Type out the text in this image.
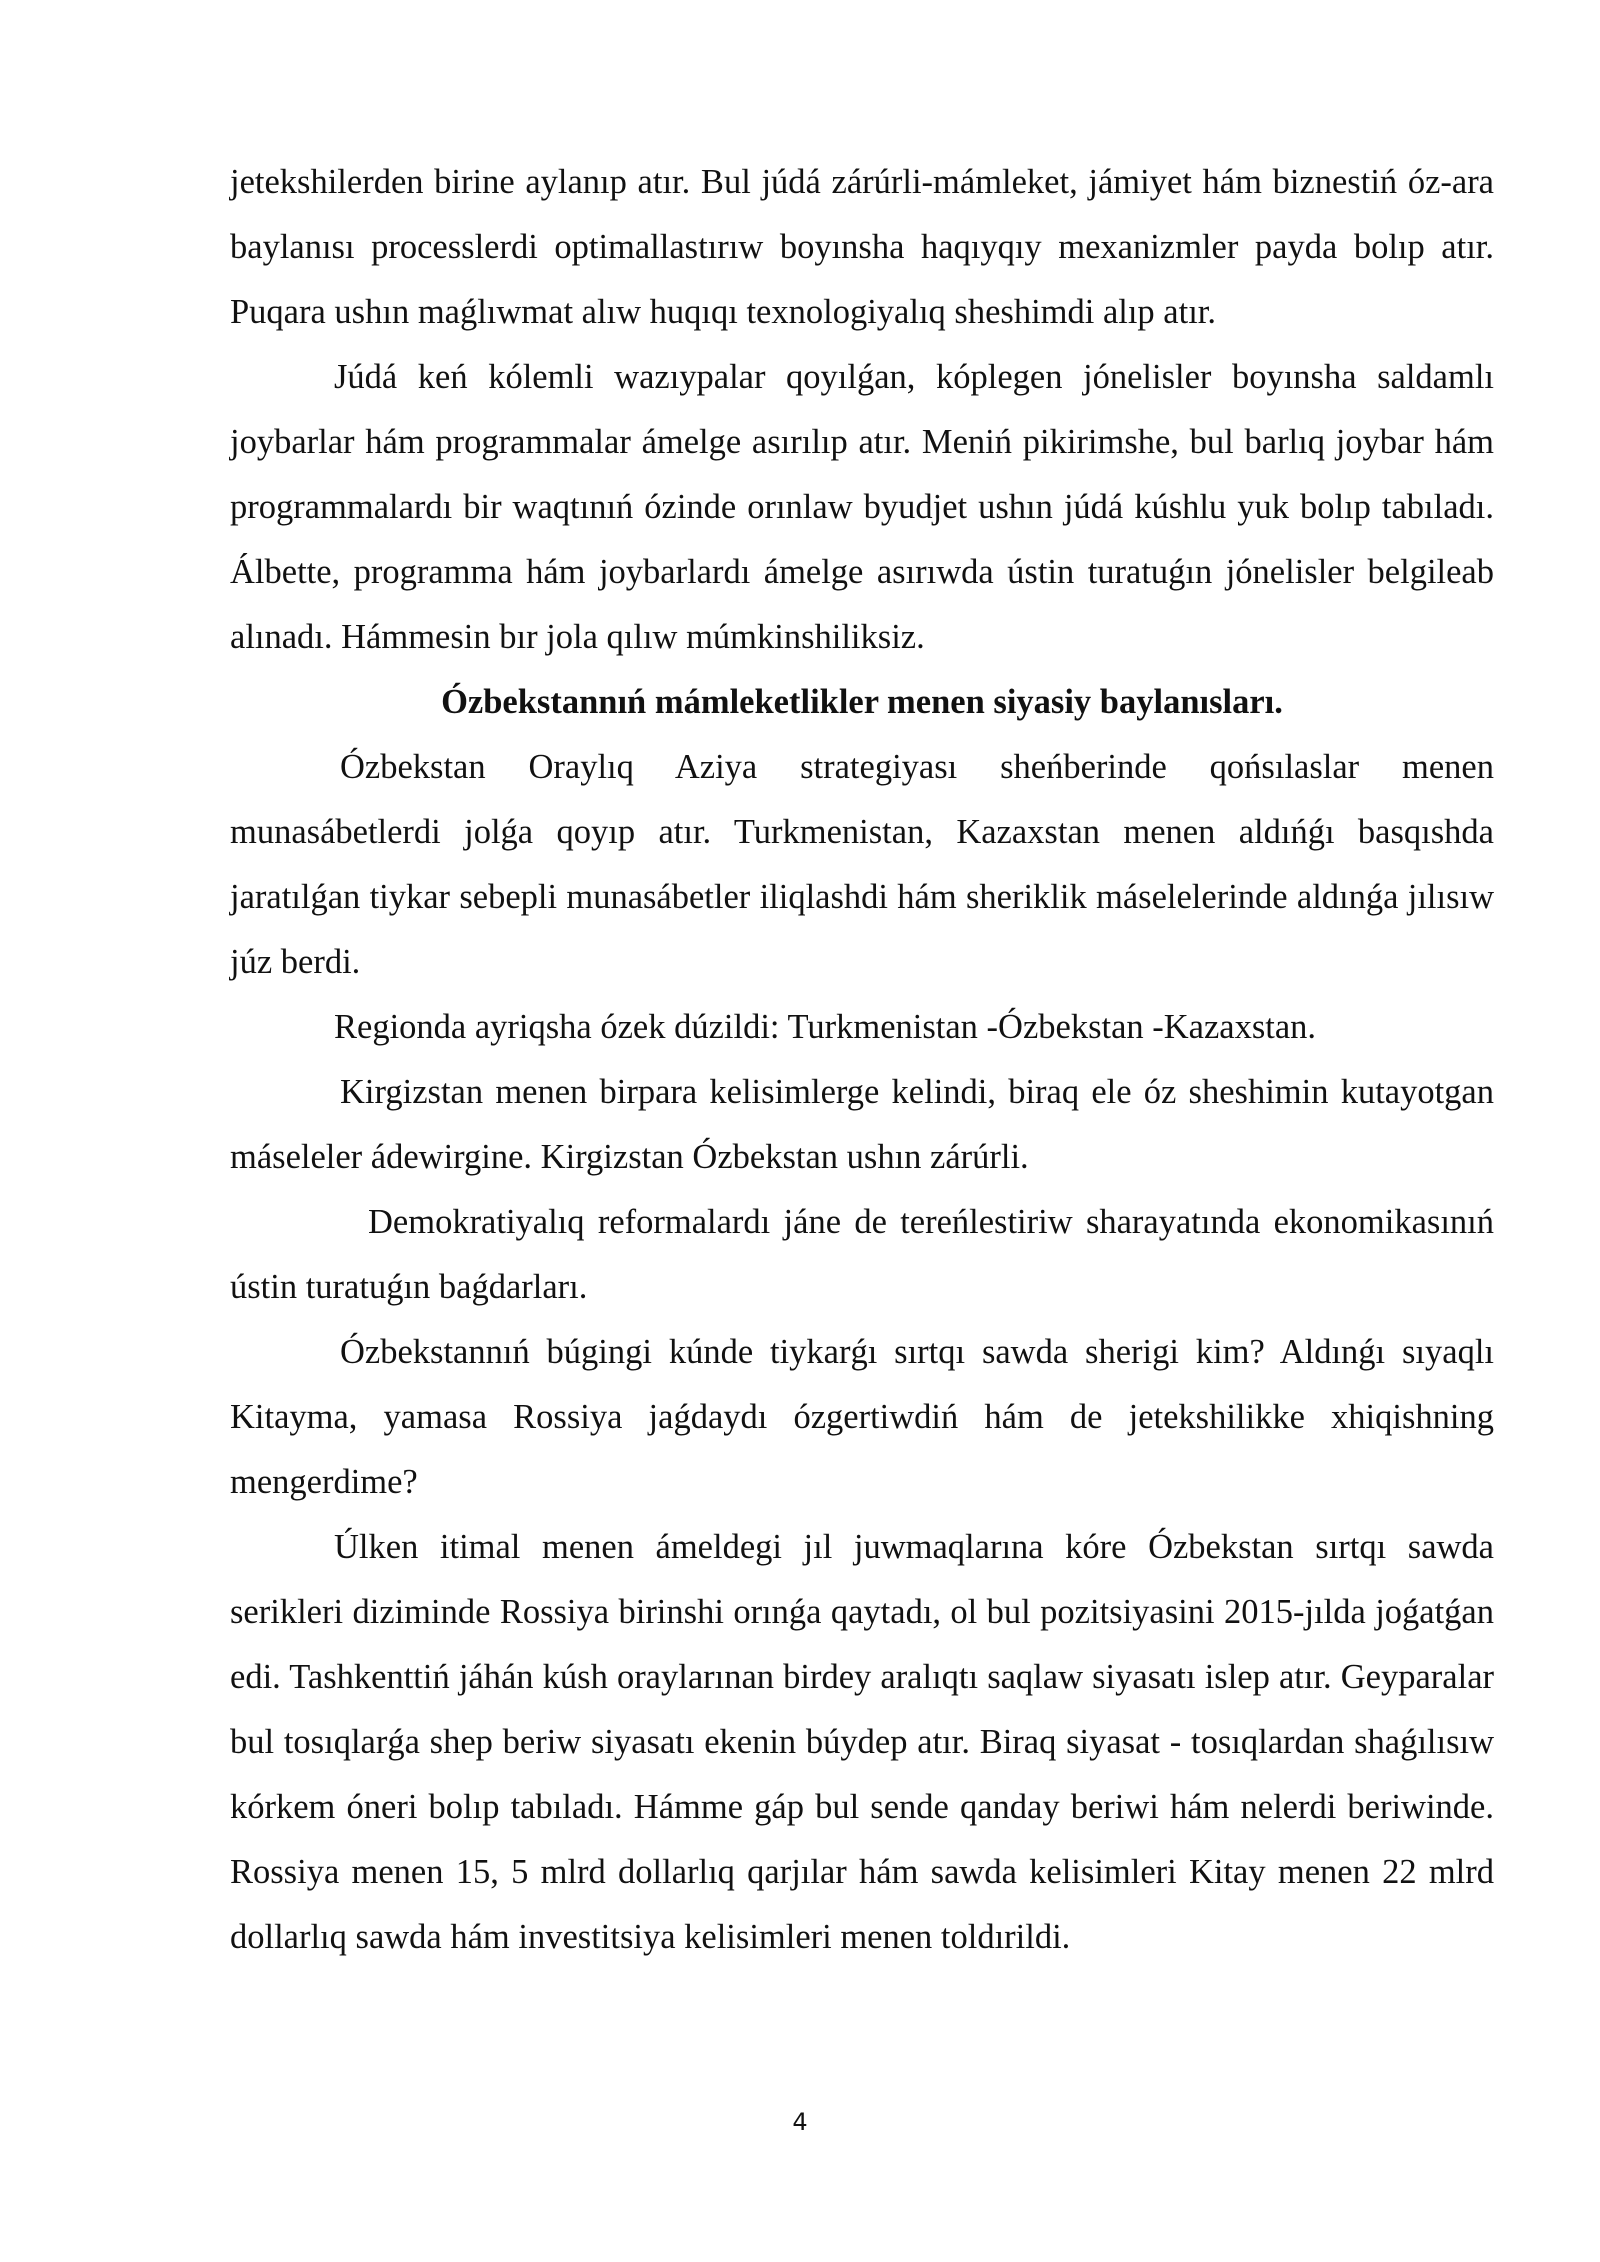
jetekshilerden birine aylanıp atır. Bul júdá zárúrli-mámleket, jámiyet hám biznestiń óz-ara baylanısı processlerdi optimallastırıw boyınsha haqıyqıy mexanizmler payda bolıp atır. Puqara ushın maǵlıwmat alıw huqıqı texnologiyalıq sheshimdi alıp atır.

Júdá keń kólemli wazıypalar qoyılǵan, kóplegen jónelisler boyınsha saldamlı joybarlar hám programmalar ámelge asırılıp atır. Meniń pikirimshe, bul barlıq joybar hám programmalardı bir waqtınıń ózinde orınlaw byudjet ushın júdá kúshlu yuk bolıp tabıladı. Álbette, programma hám joybarlardı ámelge asırıwda ústin turatuǵın jónelisler belgileab alınadı. Hámmesin bır jola qılıw múmkinshiliksiz.

Ózbekstannıń mámleketlikler menen siyasiy baylanısları.

Ózbekstan Oraylıq Aziya strategiyası sheńberinde qońsılaslar menen munasábetlerdi jolǵa qoyıp atır. Turkmenistan, Kazaxstan menen aldıńǵı basqıshda jaratılǵan tiykar sebepli munasábetler iliqlashdi hám sheriklik máselelerinde aldınǵa jılısıw júz berdi.

Regionda ayriqsha ózek dúzildi: Turkmenistan -Ózbekstan -Kazaxstan.

Kirgizstan menen birpara kelisimlerge kelindi, biraq ele óz sheshimin kutayotgan máseleler ádewirgine. Kirgizstan Ózbekstan ushın zárúrli.

Demokratiyalıq reformalardı jáne de tereńlestiriw sharayatında ekonomikasınıń ústin turatuǵın baǵdarları.

Ózbekstannıń búgingi kúnde tiykarǵı sırtqı sawda sherigi kim? Aldınǵı sıyaqlı Kitayma, yamasa Rossiya jaǵdaydı ózgertiwdiń hám de jetekshilikke xhiqishning mengerdime?

Úlken itimal menen ámeldegi jıl juwmaqlarına kóre Ózbekstan sırtqı sawda serikleri diziminde Rossiya birinshi orınǵa qaytadı, ol bul pozitsiyasini 2015-jılda joǵatǵan edi. Tashkenttiń jáhán kúsh oraylarınan birdey aralıqtı saqlaw siyasatı islep atır. Geyparalar bul tosıqlarǵa shep beriw siyasatı ekenin búydep atır. Biraq siyasat - tosıqlardan shaǵılısıw kórkem óneri bolıp tabıladı. Hámme gáp bul sende qanday beriwi hám nelerdi beriwinde. Rossiya menen 15, 5 mlrd dollarlıq qarjılar hám sawda kelisimleri Kitay menen 22 mlrd dollarlıq sawda hám investitsiya kelisimleri menen toldırildi.

4
